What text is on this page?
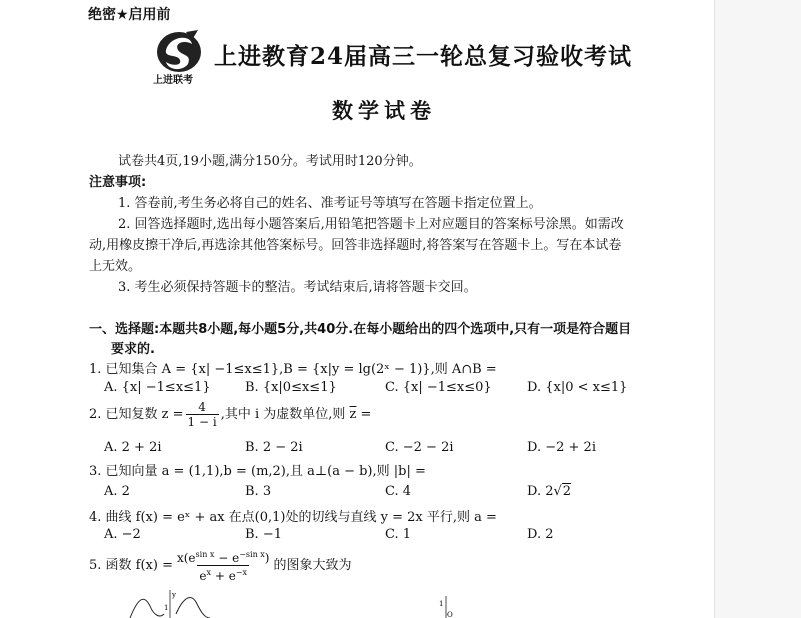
绝密★启用前
上进联考
上进教育24届高三一轮总复习验收考试
数学试卷
试卷共4页,19小题,满分150分。考试用时120分钟。
注意事项:
1. 答卷前,考生务必将自己的姓名、准考证号等填写在答题卡指定位置上。
2. 回答选择题时,选出每小题答案后,用铅笔把答题卡上对应题目的答案标号涂黑。如需改
动,用橡皮擦干净后,再选涂其他答案标号。回答非选择题时,将答案写在答题卡上。写在本试卷
上无效。
3. 考生必须保持答题卡的整洁。考试结束后,请将答题卡交回。
一、选择题:本题共8小题,每小题5分,共40分.在每小题给出的四个选项中,只有一项是符合题目
要求的.
1. 已知集合 A = {x| −1≤x≤1},B = {x|y = lg(2ˣ − 1)},则 A∩B =
A. {x| −1≤x≤1}	B. {x|0≤x≤1}	C. {x| −1≤x≤0}	D. {x|0 < x≤1}
2. 已知复数 $z = \frac{4}{1 - i}$ ,其中 i 为虚数单位,则 $\overline{z}$ =
A. 2 + 2i	B. 2 − 2i	C. −2 − 2i	D. −2 + 2i
3. 已知向量 a = (1,1),b = (m,2),且 a⊥(a − b),则 |b| =
A. 2	B. 3	C. 4	D. 2√2
4. 曲线 f(x) = eˣ + ax 在点(0,1)处的切线与直线 y = 2x 平行,则 a =
A. −2	B. −1	C. 1	D. 2
5. 函数 $f(x) = \frac{x(e^{sin x} - e^{-sin x})}{e^x + e^{-x}}$ 的图象大致为
y
1	1
O
